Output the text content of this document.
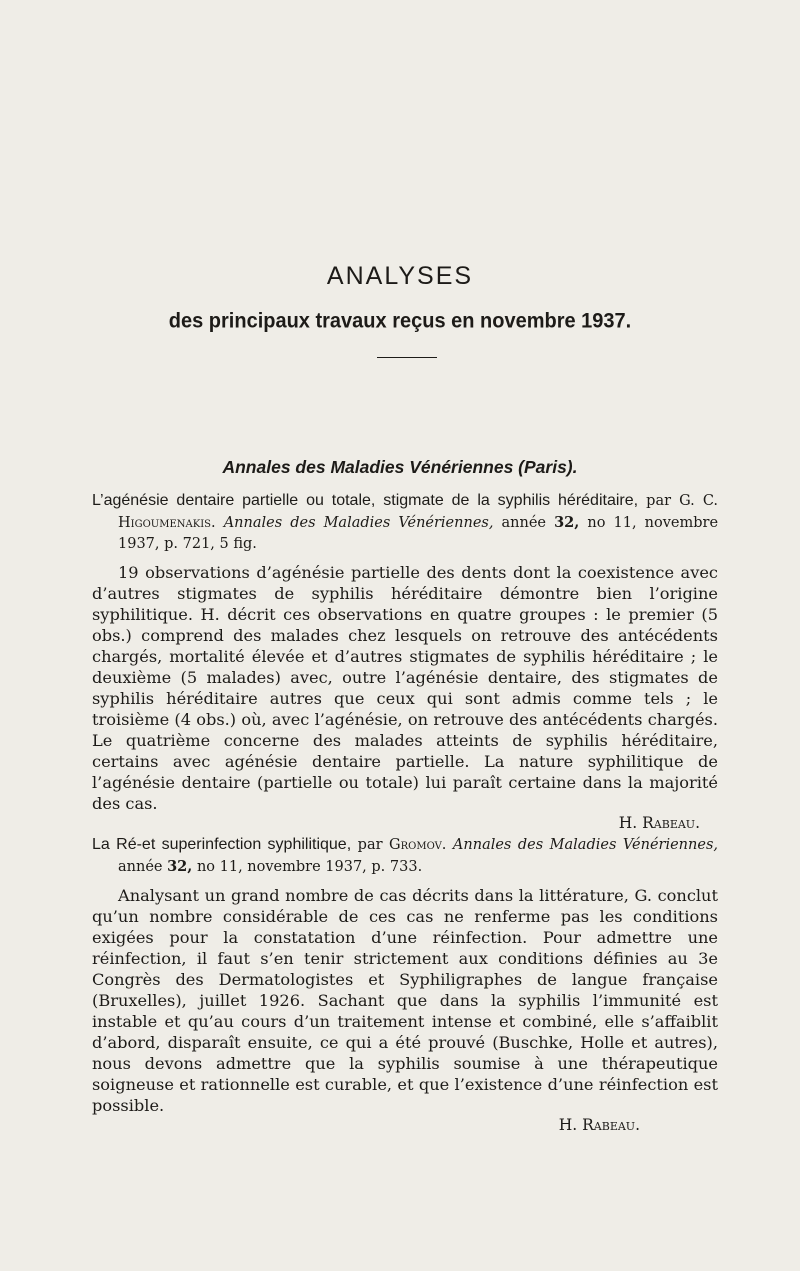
ANALYSES
des principaux travaux reçus en novembre 1937.
Annales des Maladies Vénériennes (Paris).

L’agénésie dentaire partielle ou totale, stigmate de la syphilis héréditaire, par G. C. Higoumenakis. Annales des Maladies Vénériennes, année 32, no 11, novembre 1937, p. 721, 5 fig.

19 observations d’agénésie partielle des dents dont la coexistence avec d’autres stigmates de syphilis héréditaire démontre bien l’origine syphilitique. H. décrit ces observations en quatre groupes : le premier (5 obs.) comprend des malades chez lesquels on retrouve des antécédents chargés, mortalité élevée et d’autres stigmates de syphilis héréditaire ; le deuxième (5 malades) avec, outre l’agénésie dentaire, des stigmates de syphilis héréditaire autres que ceux qui sont admis comme tels ; le troisième (4 obs.) où, avec l’agénésie, on retrouve des antécédents chargés. Le quatrième concerne des malades atteints de syphilis héréditaire, certains avec agénésie dentaire partielle. La nature syphilitique de l’agénésie dentaire (partielle ou totale) lui paraît certaine dans la majorité des cas.

H. Rabeau.

La Ré-et superinfection syphilitique, par Gromov. Annales des Maladies Vénériennes, année 32, no 11, novembre 1937, p. 733.

Analysant un grand nombre de cas décrits dans la littérature, G. conclut qu’un nombre considérable de ces cas ne renferme pas les conditions exigées pour la constatation d’une réinfection. Pour admettre une réinfection, il faut s’en tenir strictement aux conditions définies au 3e Congrès des Dermatologistes et Syphiligraphes de langue française (Bruxelles), juillet 1926. Sachant que dans la syphilis l’immunité est instable et qu’au cours d’un traitement intense et combiné, elle s’affaiblit d’abord, disparaît ensuite, ce qui a été prouvé (Buschke, Holle et autres), nous devons admettre que la syphilis soumise à une thérapeutique soigneuse et rationnelle est curable, et que l’existence d’une réinfection est possible.

H. Rabeau.
